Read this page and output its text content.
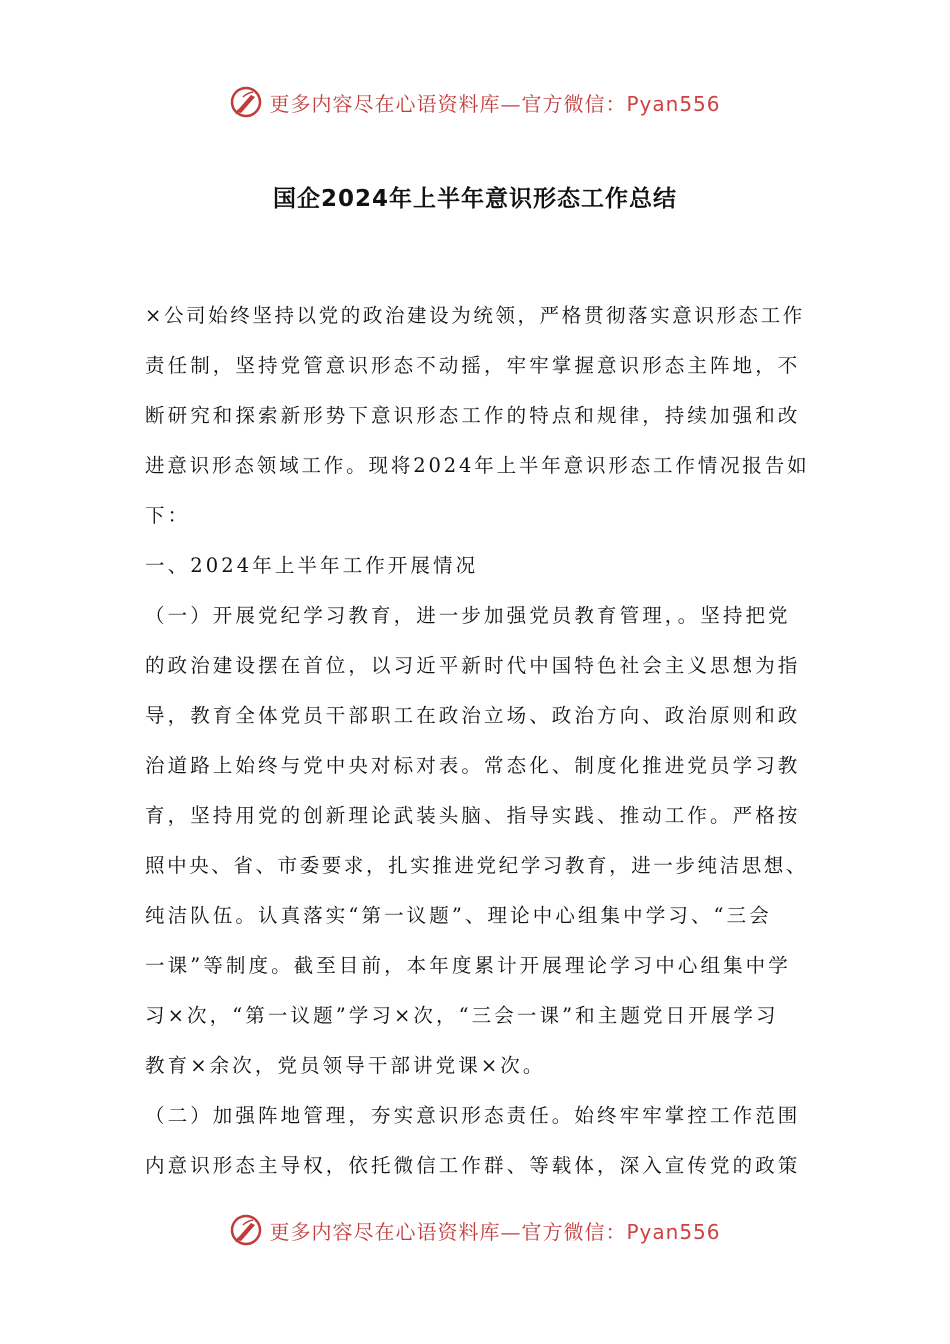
更多内容尽在心语资料库—官方微信：Pyan556
国企2024年上半年意识形态工作总结
×公司始终坚持以党的政治建设为统领，严格贯彻落实意识形态工作
责任制，坚持党管意识形态不动摇，牢牢掌握意识形态主阵地，不
断研究和探索新形势下意识形态工作的特点和规律，持续加强和改
进意识形态领域工作。现将2024年上半年意识形态工作情况报告如
下：
一、2024年上半年工作开展情况
（一）开展党纪学习教育，进一步加强党员教育管理，。坚持把党
的政治建设摆在首位，以习近平新时代中国特色社会主义思想为指
导，教育全体党员干部职工在政治立场、政治方向、政治原则和政
治道路上始终与党中央对标对表。常态化、制度化推进党员学习教
育，坚持用党的创新理论武装头脑、指导实践、推动工作。严格按
照中央、省、市委要求，扎实推进党纪学习教育，进一步纯洁思想、
纯洁队伍。认真落实“第一议题”、理论中心组集中学习、“三会
一课”等制度。截至目前，本年度累计开展理论学习中心组集中学
习×次，“第一议题”学习×次，“三会一课”和主题党日开展学习
教育×余次，党员领导干部讲党课×次。
（二）加强阵地管理，夯实意识形态责任。始终牢牢掌控工作范围
内意识形态主导权，依托微信工作群、等载体，深入宣传党的政策
更多内容尽在心语资料库—官方微信：Pyan556
